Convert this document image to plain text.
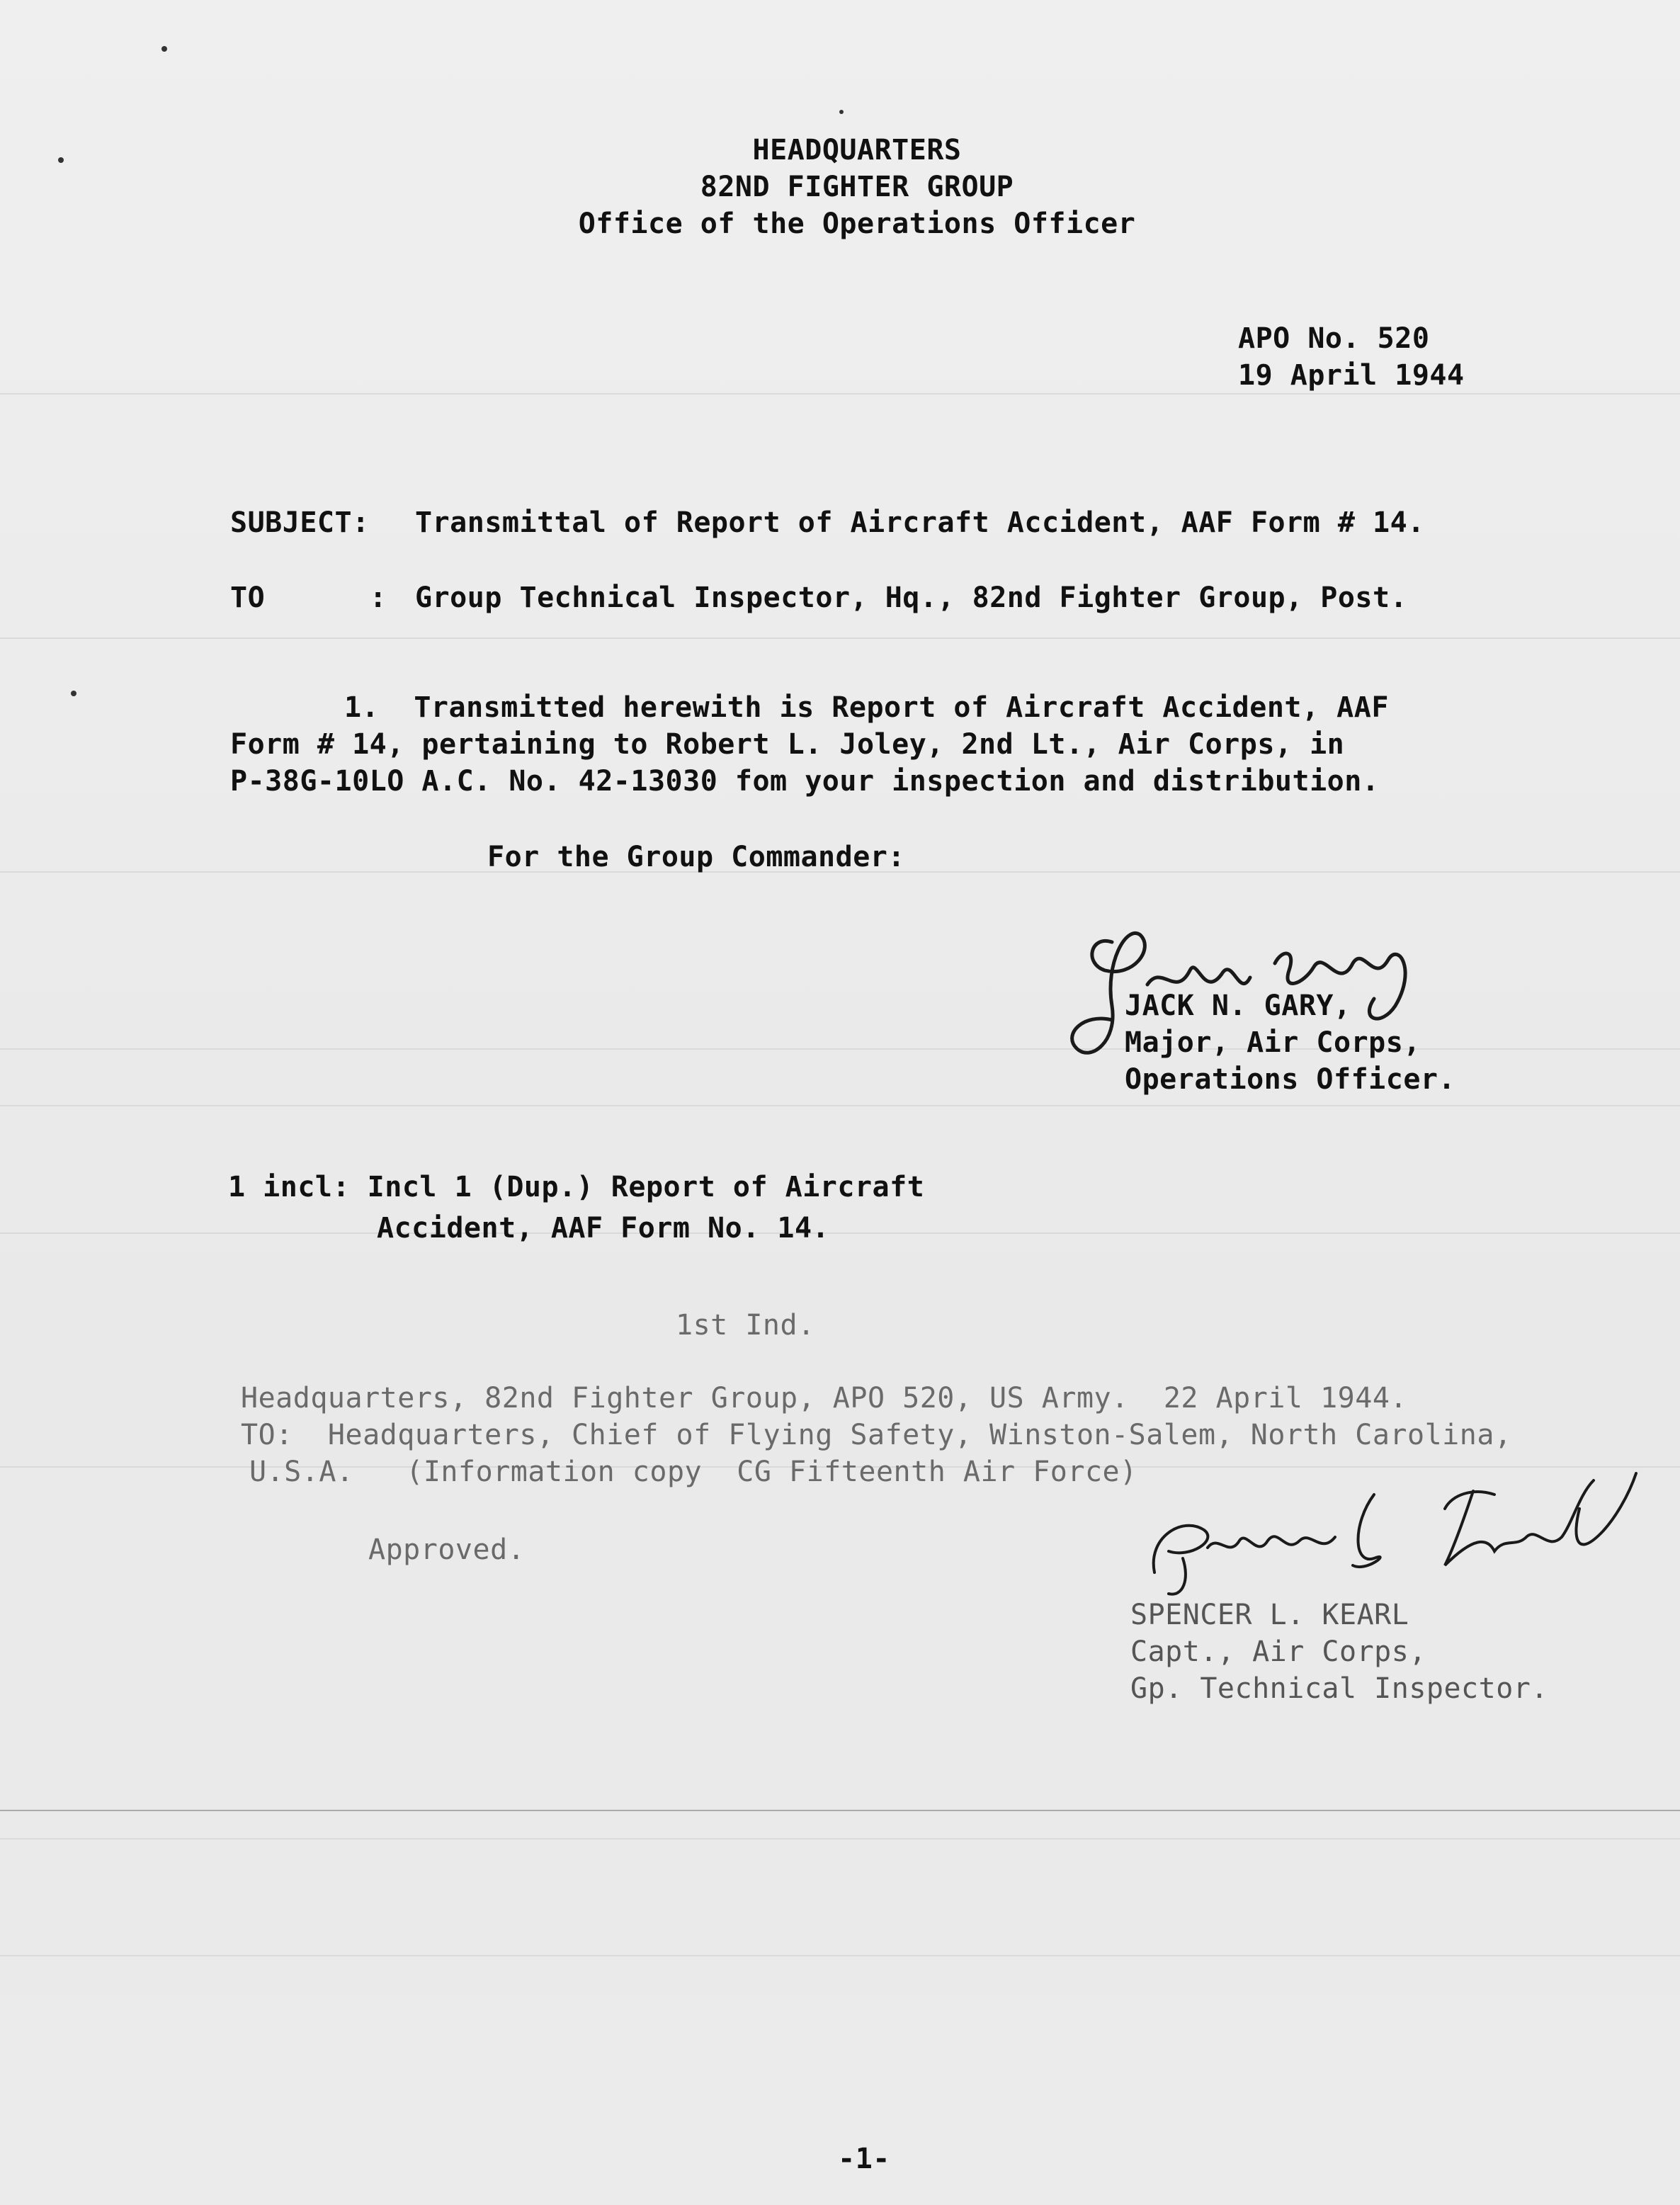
HEADQUARTERS
82ND FIGHTER GROUP
Office of the Operations Officer
APO No. 520
19 April 1944
SUBJECT: Transmittal of Report of Aircraft Accident, AAF Form # 14.
TO      : Group Technical Inspector, Hq., 82nd Fighter Group, Post.
1.  Transmitted herewith is Report of Aircraft Accident, AAF
Form # 14, pertaining to Robert L. Joley, 2nd Lt., Air Corps, in
P-38G-10LO A.C. No. 42-13030 fom your inspection and distribution.
For the Group Commander:
JACK N. GARY,
Major, Air Corps,
Operations Officer.
1 incl: Incl 1 (Dup.) Report of Aircraft
Accident, AAF Form No. 14.
1st Ind.
Headquarters, 82nd Fighter Group, APO 520, US Army.  22 April 1944.
TO:  Headquarters, Chief of Flying Safety, Winston-Salem, North Carolina,
U.S.A.   (Information copy  CG Fifteenth Air Force)
Approved.
SPENCER L. KEARL
Capt., Air Corps,
Gp. Technical Inspector.
-1-
